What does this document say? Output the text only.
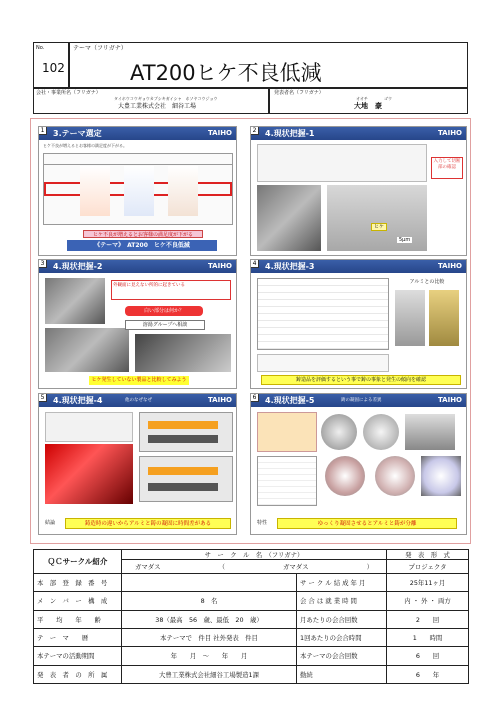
No.
102
テーマ（フリガナ）
AT200ヒケ不良低減
会社・事業所名（フリガナ）
タイホウコウギョウカブシキガイシャ　ホソヤコウジョウ
大豊工業株式会社　細谷工場
発表者名（フリガナ）
オオチ	ゴウ
大地　豪
1	3.テーマ選定	TAIHO
ヒケ不良が増えるとお客様の満足度が下がる。
ヒケ不良が増えるとお客様の満足度が下がる
《テーマ》　AT200　ヒケ不良低減
2	4.現状把握-1	TAIHO
入力して切断部の確認
ヒケ
5μm
3	4.現状把握-2	TAIHO
外観面に見えない所的に起きている
白い部分は何か？
溶湯グループへ相談
ヒケ発生していない製品と比較してみよう
4	4.現状把握-3	TAIHO
アルミとの比較
鋳造品を評価するという事で鋳の事象と発生の傾向を確認
5	4.現状把握-4	他のなぜなぜ	TAIHO
結論	鋳造時の違いからアルミと鋳の凝固に時間差がある
6	4.現状把握-5	鋳の凝固による差異	TAIHO
特性	ゆっくり凝固させるとアルミと鋳が分離
ＱＣサークル紹介	サ　ー　ク　ル　名　（フリガナ）		発　表　形　式

	ガマダス （ ガマダス ）		プロジェクタ
本　部　登　録　番　号		サ ー ク ル 結 成 年 月	25年11ヶ月
メ　ン　バ　ー　構　成	8　名	会 合 は 就 業 時 間	内 ・ 外 ・ 両方
平　　均　　年　　齢	38（最高　56　歳、最低　20　歳）	月あたりの会合回数	2　　回
テ　ー　マ　　暦	本テーマで　件目 社外発表　件目	1回あたりの会合時間	1　　時間
本テーマの活動期間	年　　月　～　　年　　月	本テーマの会合回数	6　　回
発　表　者　の　所　属	大豊工業株式会社細谷工場製造1課	勤続	6　　年
